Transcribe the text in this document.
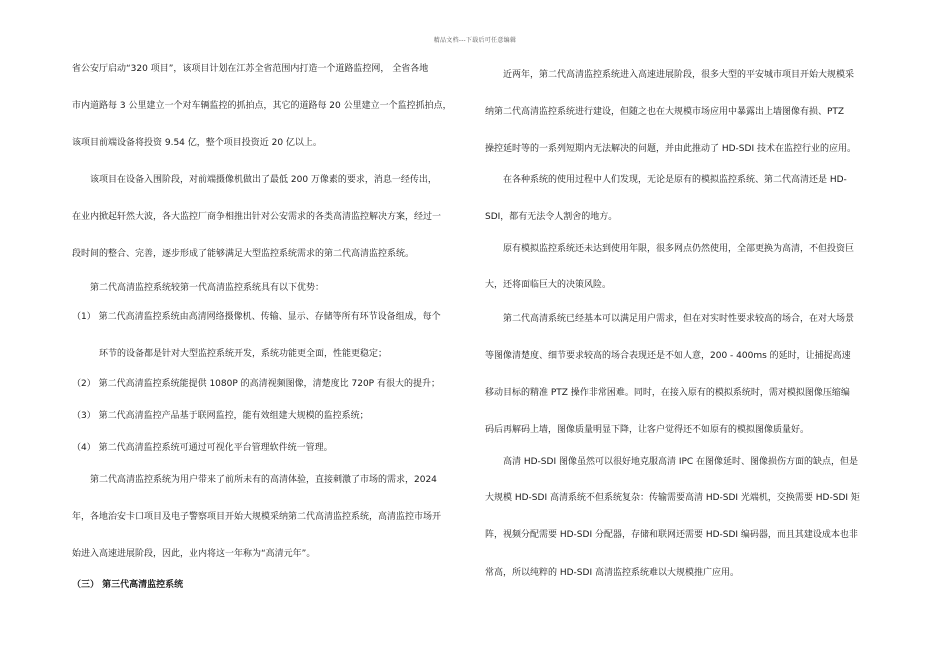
精品文档---下载后可任意编辑
省公安厅启动“320 项目”，该项目计划在江苏全省范围内打造一个道路监控网， 全省各地
市内道路每 3 公里建立一个对车辆监控的抓拍点，其它的道路每 20 公里建立一个监控抓拍点，
该项目前端设备将投资 9.54 亿，整个项目投资近 20 亿以上。
该项目在设备入围阶段，对前端摄像机做出了最低 200 万像素的要求，消息一经传出，
在业内掀起轩然大波，各大监控厂商争相推出针对公安需求的各类高清监控解决方案，经过一
段时间的整合、完善，逐步形成了能够满足大型监控系统需求的第二代高清监控系统。
第二代高清监控系统较第一代高清监控系统具有以下优势：
（1） 第二代高清监控系统由高清网络摄像机、传输、显示、存储等所有环节设备组成，每个
环节的设备都是针对大型监控系统开发，系统功能更全面，性能更稳定；
（2） 第二代高清监控系统能提供 1080P 的高清视频图像，清楚度比 720P 有很大的提升；
（3） 第二代高清监控产品基于联网监控，能有效组建大规模的监控系统；
（4） 第二代高清监控系统可通过可视化平台管理软件统一管理。
第二代高清监控系统为用户带来了前所未有的高清体验，直接刺激了市场的需求，2024
年，各地治安卡口项目及电子警察项目开始大规模采纳第二代高清监控系统，高清监控市场开
始进入高速进展阶段，因此，业内将这一年称为“高清元年”。
（三） 第三代高清监控系统
近两年，第二代高清监控系统进入高速进展阶段，很多大型的平安城市项目开始大规模采
纳第二代高清监控系统进行建设，但随之也在大规模市场应用中暴露出上墙图像有损、PTZ
操控延时等的一系列短期内无法解决的问题，并由此推动了 HD-SDI 技术在监控行业的应用。
在各种系统的使用过程中人们发现，无论是原有的模拟监控系统、第二代高清还是 HD-
SDI，都有无法令人割舍的地方。
原有模拟监控系统还未达到使用年限，很多网点仍然使用，全部更换为高清，不但投资巨
大，还将面临巨大的决策风险。
第二代高清系统已经基本可以满足用户需求，但在对实时性要求较高的场合，在对大场景
等图像清楚度、细节要求较高的场合表现还是不如人意，200 - 400ms 的延时，让捕捉高速
移动目标的精准 PTZ 操作非常困难。同时，在接入原有的模拟系统时，需对模拟图像压缩编
码后再解码上墙，图像质量明显下降，让客户觉得还不如原有的模拟图像质量好。
高清 HD-SDI 图像虽然可以很好地克服高清 IPC 在图像延时、图像损伤方面的缺点，但是
大规模 HD-SDI 高清系统不但系统复杂：传输需要高清 HD-SDI 光端机，交换需要 HD-SDI 矩
阵，视频分配需要 HD-SDI 分配器，存储和联网还需要 HD-SDI 编码器，而且其建设成本也非
常高，所以纯粹的 HD-SDI 高清监控系统难以大规模推广应用。
